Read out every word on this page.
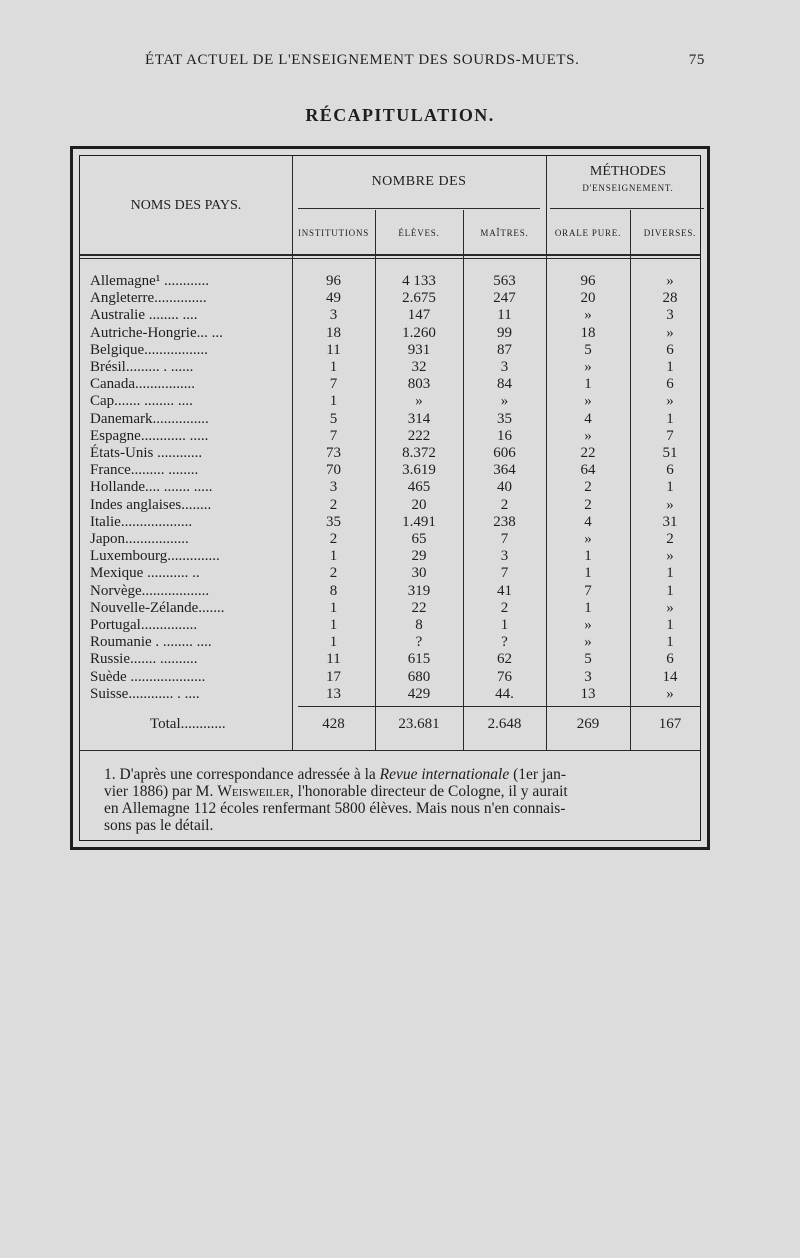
ÉTAT ACTUEL DE L'ENSEIGNEMENT DES SOURDS-MUETS.	75
RÉCAPITULATION.
NOMS DES PAYS.
NOMBRE DES
MÉTHODES
D'ENSEIGNEMENT.
INSTITUTIONS	ÉLÈVES.	MAÎTRES.	ORALE PURE.	DIVERSES.
Allemagne¹ ............	96	4 133	563	96	»
Angleterre..............	49	2.675	247	20	28
Australie ........ ....	3	147	11	»	3
Autriche-Hongrie... ...	18	1.260	99	18	»
Belgique.................	11	931	87	5	6
Brésil......... . ......	1	32	3	»	1
Canada................	7	803	84	1	6
Cap....... ........ ....	1	»	»	»	»
Danemark...............	5	314	35	4	1
Espagne............ .....	7	222	16	»	7
États-Unis ............	73	8.372	606	22	51
France......... ........	70	3.619	364	64	6
Hollande.... ....... .....	3	465	40	2	1
Indes anglaises........	2	20	2	2	»
Italie...................	35	1.491	238	4	31
Japon.................	2	65	7	»	2
Luxembourg..............	1	29	3	1	»
Mexique ........... ..	2	30	7	1	1
Norvège..................	8	319	41	7	1
Nouvelle-Zélande.......	1	22	2	1	»
Portugal...............	1	8	1	»	1
Roumanie . ........ ....	1	?	?	»	1
Russie....... ..........	11	615	62	5	6
Suède ....................	17	680	76	3	14
Suisse............ . ....	13	429	44.	13	»
Total............	428	23.681	2.648	269	167

1. D'après une correspondance adressée à la Revue internationale (1er jan-

vier 1886) par M. Weisweiler, l'honorable directeur de Cologne, il y aurait

en Allemagne 112 écoles renfermant 5800 élèves. Mais nous n'en connais-

sons pas le détail.
